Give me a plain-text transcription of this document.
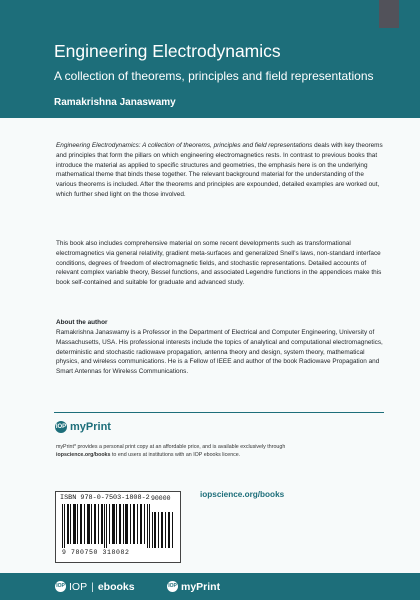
Engineering Electrodynamics
A collection of theorems, principles and field representations
Ramakrishna Janaswamy

Engineering Electrodynamics: A collection of theorems, principles and field representations deals with key theorems and principles that form the pillars on which engineering electromagnetics rests. In contrast to previous books that introduce the material as applied to specific structures and geometries, the emphasis here is on the underlying mathematical theme that binds these together. The relevant background material for the understanding of the various theorems is included. After the theorems and principles are expounded, detailed examples are worked out, which further shed light on the those involved.

This book also includes comprehensive material on some recent developments such as transformational electromagnetics via general relativity, gradient meta-surfaces and generalized Snell's laws, non-standard interface conditions, degrees of freedom of electromagnetic fields, and stochastic representations. Detailed accounts of relevant complex variable theory, Bessel functions, and associated Legendre functions in the appendices make this book self-contained and suitable for graduate and advanced study.

About the author

Ramakrishna Janaswamy is a Professor in the Department of Electrical and Computer Engineering, University of Massachusetts, USA. His professional interests include the topics of analytical and computational electromagnetics, deterministic and stochastic radiowave propagation, antenna theory and design, system theory, mathematical physics, and wireless communications. He is a Fellow of IEEE and author of the book Radiowave Propagation and Smart Antennas for Wireless Communications.

IOP myPrint

myPrint* provides a personal print copy at an affordable price, and is available exclusively through
iopscience.org/books to end users at institutions with an IOP ebooks licence.

ISBN 978-0-7503-1808-2 90000
9 780750 318082
iopscience.org/books
IOP IOP | ebooks	IOP myPrint
